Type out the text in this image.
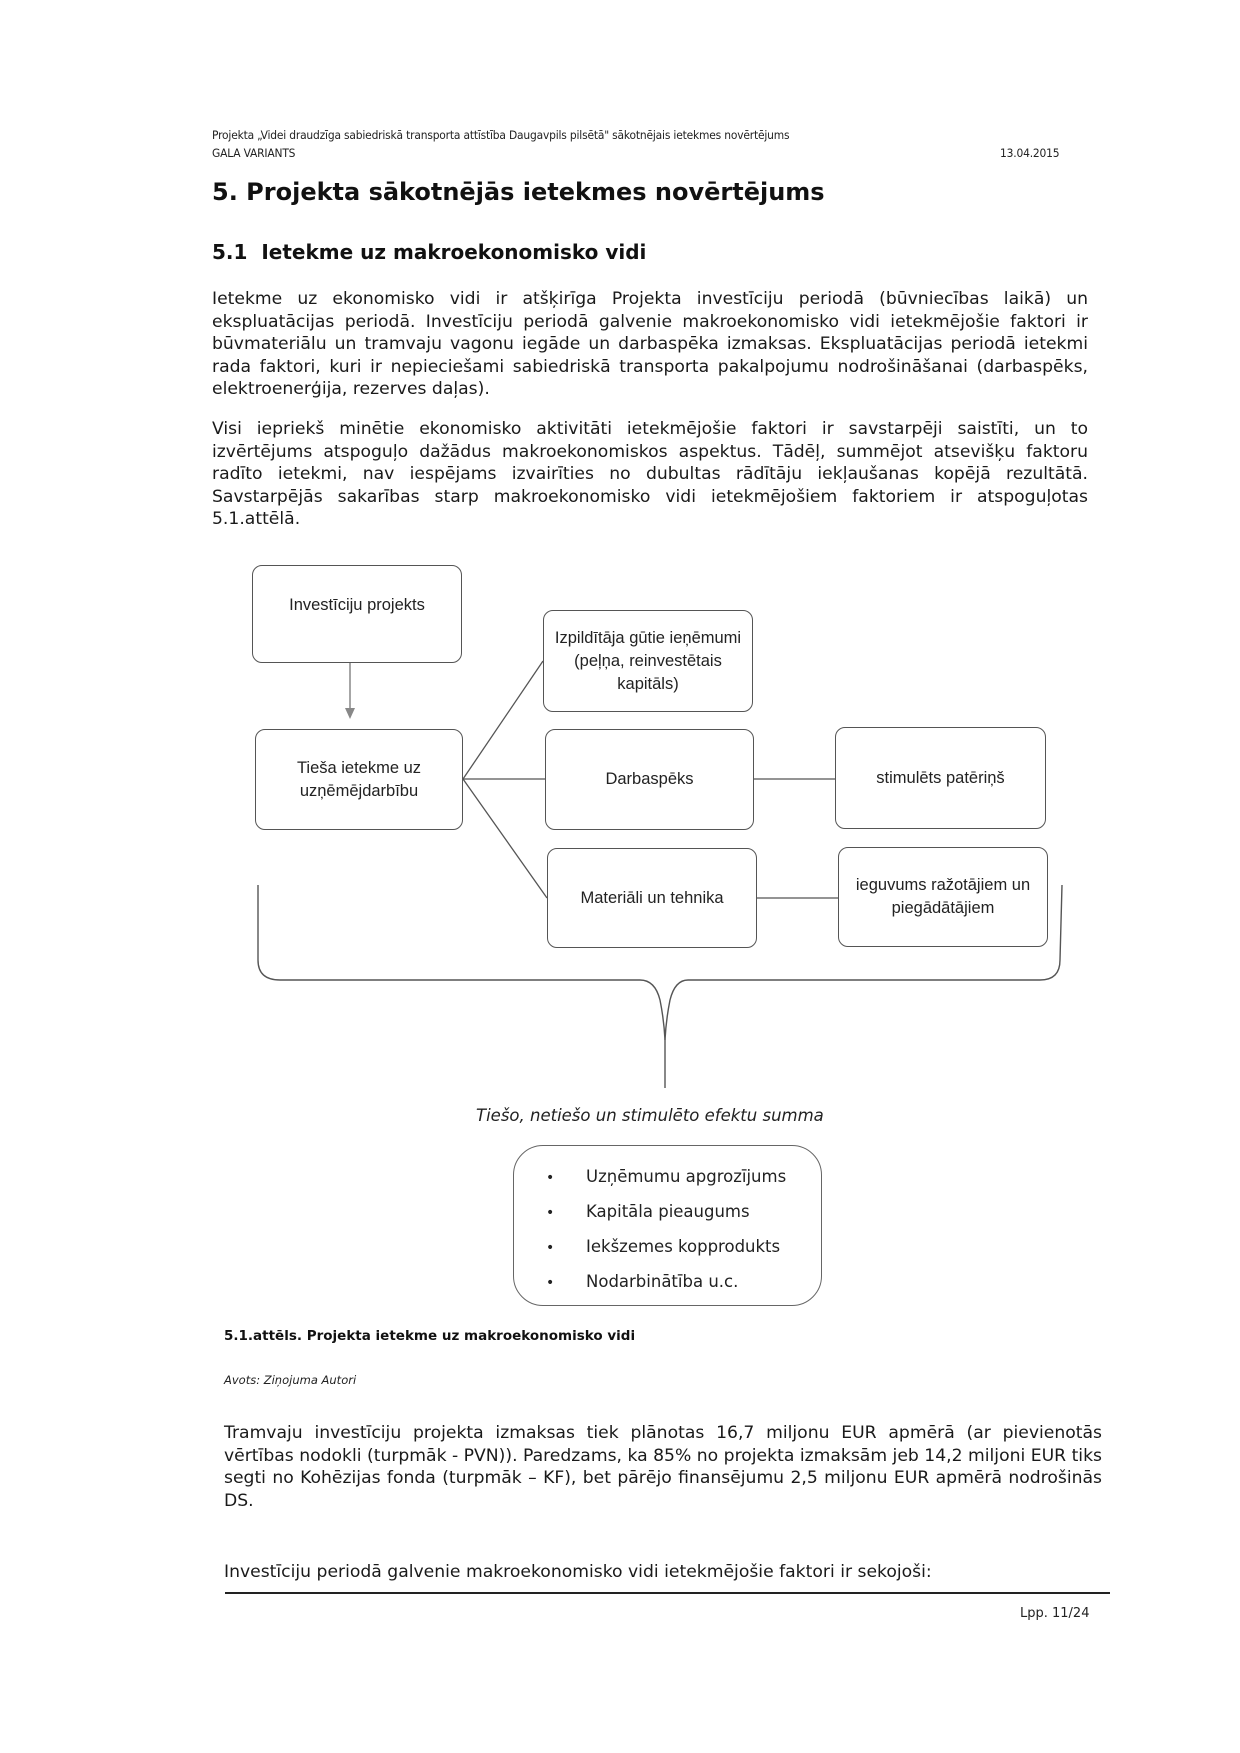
Projekta „Videi draudzīga sabiedriskā transporta attīstība Daugavpils pilsētā" sākotnējais ietekmes novērtējums
GALA VARIANTS	13.04.2015
5. Projekta sākotnējās ietekmes novērtējums
5.1  Ietekme uz makroekonomisko vidi
Ietekme uz ekonomisko vidi ir atšķirīga Projekta investīciju periodā (būvniecības laikā) un ekspluatācijas periodā. Investīciju periodā galvenie makroekonomisko vidi ietekmējošie faktori ir būvmateriālu un tramvaju vagonu iegāde un darbaspēka izmaksas. Ekspluatācijas periodā ietekmi rada faktori, kuri ir nepieciešami sabiedriskā transporta pakalpojumu nodrošināšanai (darbaspēks, elektroenerģija, rezerves daļas).
Visi iepriekš minētie ekonomisko aktivitāti ietekmējošie faktori ir savstarpēji saistīti, un to izvērtējums atspoguļo dažādus makroekonomiskos aspektus. Tādēļ, summējot atsevišķu faktoru radīto ietekmi, nav iespējams izvairīties no dubultas rādītāju iekļaušanas kopējā rezultātā. Savstarpējās sakarības starp makroekonomisko vidi ietekmējošiem faktoriem ir atspoguļotas 5.1.attēlā.
Investīciju projekts
Izpildītāja gūtie ieņēmumi (peļņa, reinvestētais kapitāls)
Tieša ietekme uz uzņēmējdarbību
Darbaspēks	stimulēts patēriņš
Materiāli un tehnika
ieguvums ražotājiem un piegādātājiem
Tiešo, netiešo un stimulēto efektu summa
• Uzņēmumu apgrozījums
• Kapitāla pieaugums
• Iekšzemes kopprodukts
• Nodarbinātība u.c.
5.1.attēls. Projekta ietekme uz makroekonomisko vidi
Avots: Ziņojuma Autori
Tramvaju investīciju projekta izmaksas tiek plānotas 16,7 miljonu EUR apmērā (ar pievienotās vērtības nodokli (turpmāk - PVN)). Paredzams, ka 85% no projekta izmaksām jeb 14,2 miljoni EUR tiks segti no Kohēzijas fonda (turpmāk – KF), bet pārējo finansējumu 2,5 miljonu EUR apmērā nodrošinās DS.
Investīciju periodā galvenie makroekonomisko vidi ietekmējošie faktori ir sekojoši:
Lpp. 11/24
